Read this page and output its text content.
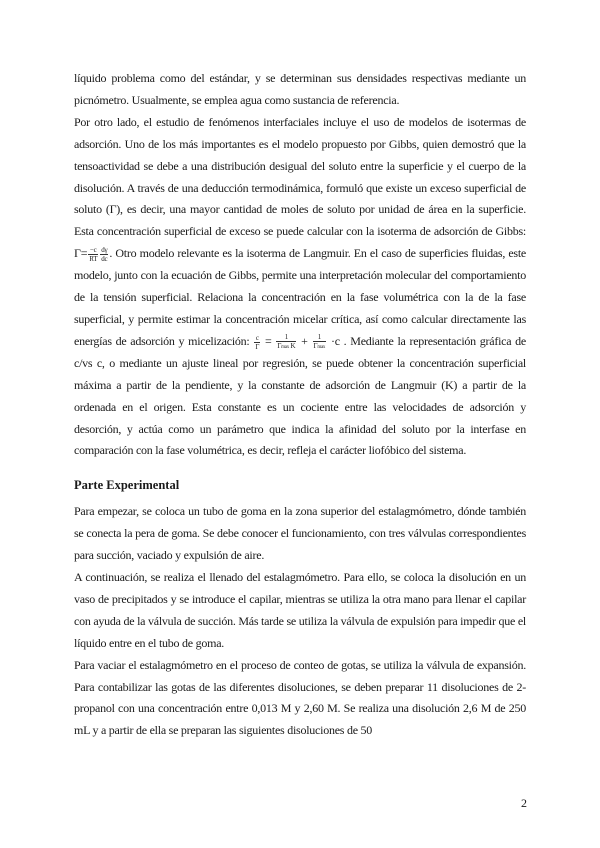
líquido problema como del estándar, y se determinan sus densidades respectivas mediante un picnómetro. Usualmente, se emplea agua como sustancia de referencia.

Por otro lado, el estudio de fenómenos interfaciales incluye el uso de modelos de isotermas de adsorción. Uno de los más importantes es el modelo propuesto por Gibbs, quien demostró que la tensoactividad se debe a una distribución desigual del soluto entre la superficie y el cuerpo de la disolución. A través de una deducción termodinámica, formuló que existe un exceso superficial de soluto (Γ), es decir, una mayor cantidad de moles de soluto por unidad de área en la superficie. Esta concentración superficial de exceso se puede calcular con la isoterma de adsorción de Gibbs: $\Gamma= \frac{-c}{RT} \frac{d\gamma}{dc}$ . Otro modelo relevante es la isoterma de Langmuir. En el caso de superficies fluidas, este modelo, junto con la ecuación de Gibbs, permite una interpretación molecular del comportamiento de la tensión superficial. Relaciona la concentración en la fase volumétrica con la de la fase superficial, y permite estimar la concentración micelar crítica, así como calcular directamente las energías de adsorción y micelización: $\frac{c}{\Gamma} = \frac{1}{\text{Γmax K}} + \frac{1}{\Gamma\max} \cdot c$ . Mediante la representación gráfica de c/vs c, o mediante un ajuste lineal por regresión, se puede obtener la concentración superficial máxima a partir de la pendiente, y la constante de adsorción de Langmuir (K) a partir de la ordenada en el origen. Esta constante es un cociente entre las velocidades de adsorción y desorción, y actúa como un parámetro que indica la afinidad del soluto por la interfase en comparación con la fase volumétrica, es decir, refleja el carácter liofóbico del sistema.

Parte Experimental

Para empezar, se coloca un tubo de goma en la zona superior del estalagmómetro, dónde también se conecta la pera de goma. Se debe conocer el funcionamiento, con tres válvulas correspondientes para succión, vaciado y expulsión de aire.

A continuación, se realiza el llenado del estalagmómetro. Para ello, se coloca la disolución en un vaso de precipitados y se introduce el capilar, mientras se utiliza la otra mano para llenar el capilar con ayuda de la válvula de succión. Más tarde se utiliza la válvula de expulsión para impedir que el líquido entre en el tubo de goma.

Para vaciar el estalagmómetro en el proceso de conteo de gotas, se utiliza la válvula de expansión. Para contabilizar las gotas de las diferentes disoluciones, se deben preparar 11 disoluciones de 2-propanol con una concentración entre 0,013 M y 2,60 M. Se realiza una disolución 2,6 M de 250 mL y a partir de ella se preparan las siguientes disoluciones de 50

2
